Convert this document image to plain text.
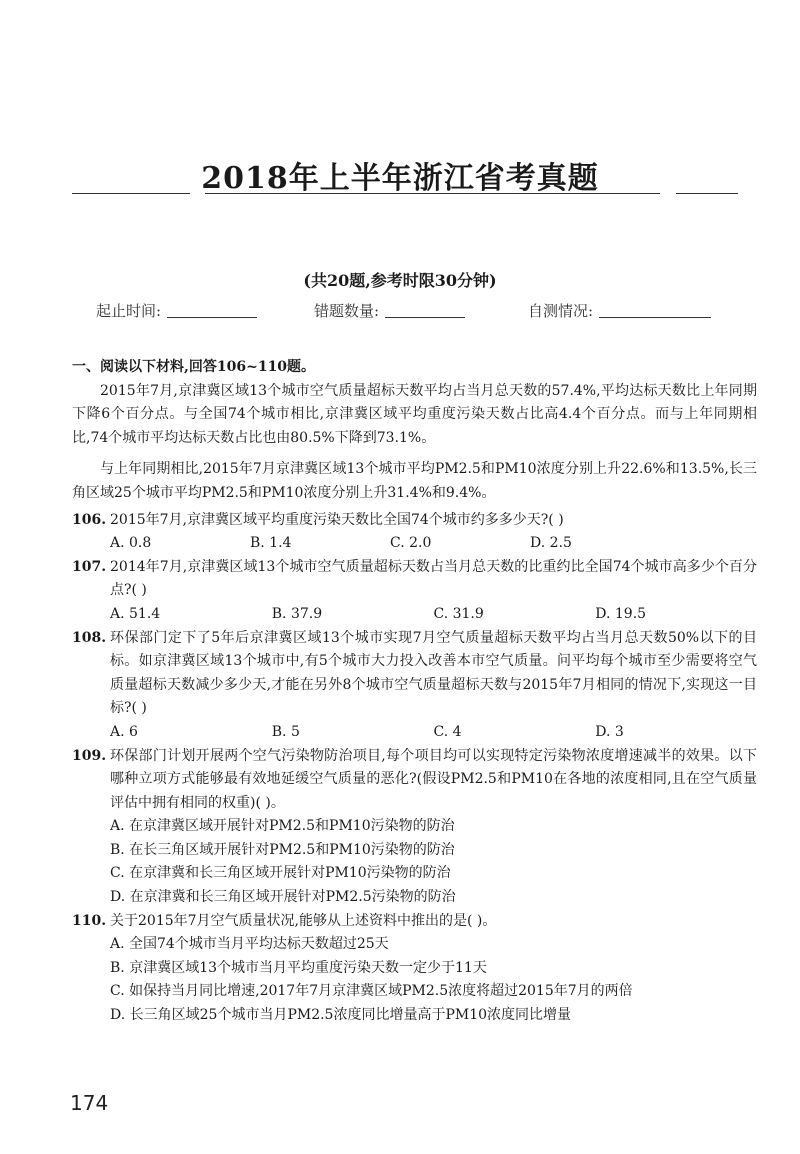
2018年上半年浙江省考真题

(共20题,参考时限30分钟)

起止时间:	错题数量:	自测情况:

一、阅读以下材料,回答106~110题。

2015年7月,京津冀区域13个城市空气质量超标天数平均占当月总天数的57.4%,平均达标天数比上年同期下降6个百分点。与全国74个城市相比,京津冀区域平均重度污染天数占比高4.4个百分点。而与上年同期相比,74个城市平均达标天数占比也由80.5%下降到73.1%。

与上年同期相比,2015年7月京津冀区域13个城市平均PM2.5和PM10浓度分别上升22.6%和13.5%,长三角区域25个城市平均PM2.5和PM10浓度分别上升31.4%和9.4%。

106. 2015年7月,京津冀区域平均重度污染天数比全国74个城市约多多少天?( )
A. 0.8	B. 1.4	C. 2.0	D. 2.5
107. 2014年7月,京津冀区域13个城市空气质量超标天数占当月总天数的比重约比全国74个城市高多少个百分点?( )
A. 51.4	B. 37.9	C. 31.9	D. 19.5
108. 环保部门定下了5年后京津冀区域13个城市实现7月空气质量超标天数平均占当月总天数50%以下的目标。如京津冀区域13个城市中,有5个城市大力投入改善本市空气质量。问平均每个城市至少需要将空气质量超标天数减少多少天,才能在另外8个城市空气质量超标天数与2015年7月相同的情况下,实现这一目标?( )
A. 6	B. 5	C. 4	D. 3
109. 环保部门计划开展两个空气污染物防治项目,每个项目均可以实现特定污染物浓度增速减半的效果。以下哪种立项方式能够最有效地延缓空气质量的恶化?(假设PM2.5和PM10在各地的浓度相同,且在空气质量评估中拥有相同的权重)( )。
A. 在京津冀区域开展针对PM2.5和PM10污染物的防治
B. 在长三角区域开展针对PM2.5和PM10污染物的防治
C. 在京津冀和长三角区域开展针对PM10污染物的防治
D. 在京津冀和长三角区域开展针对PM2.5污染物的防治
110. 关于2015年7月空气质量状况,能够从上述资料中推出的是( )。
A. 全国74个城市当月平均达标天数超过25天
B. 京津冀区域13个城市当月平均重度污染天数一定少于11天
C. 如保持当月同比增速,2017年7月京津冀区域PM2.5浓度将超过2015年7月的两倍
D. 长三角区域25个城市当月PM2.5浓度同比增量高于PM10浓度同比增量

174
